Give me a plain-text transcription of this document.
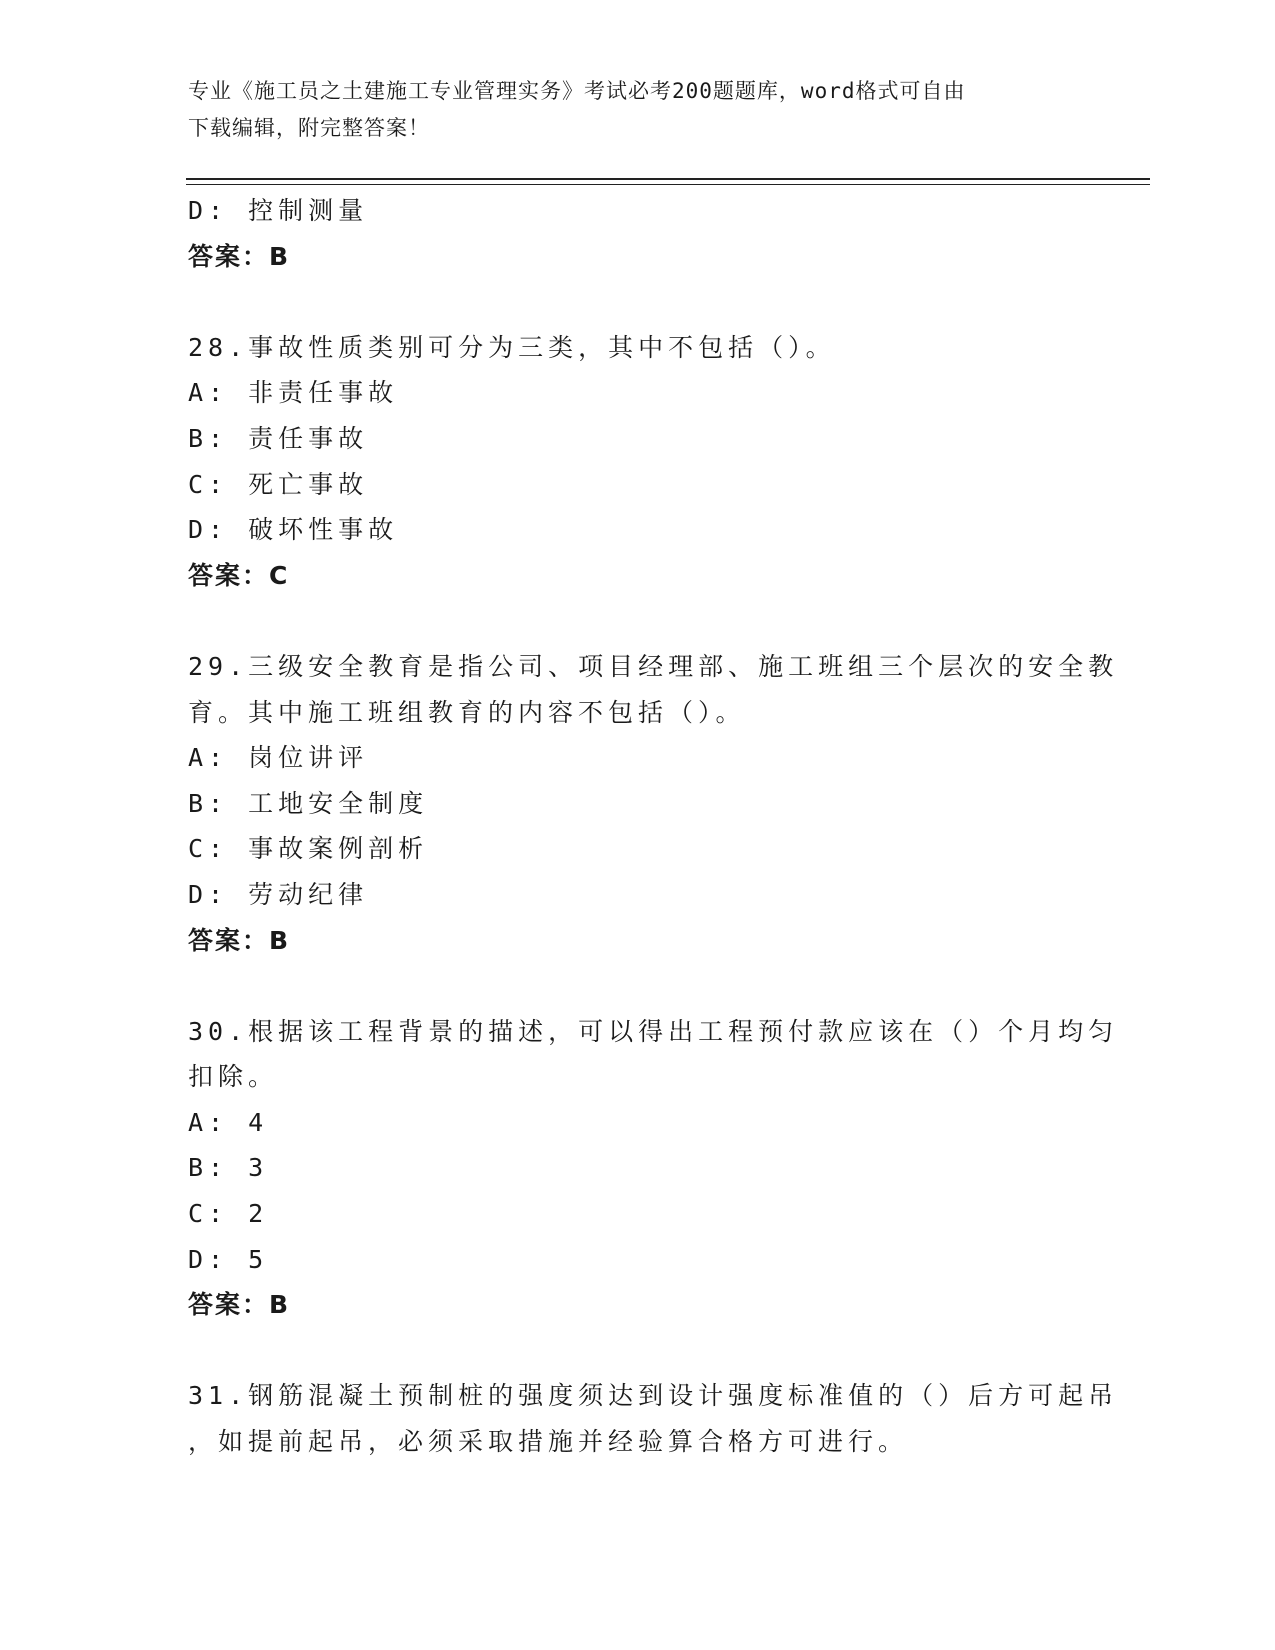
专业《施工员之土建施工专业管理实务》考试必考200题题库，word格式可自由
下载编辑，附完整答案！
D: 控制测量
答案：B
28.事故性质类别可分为三类，其中不包括（）。
A: 非责任事故
B: 责任事故
C: 死亡事故
D: 破坏性事故
答案：C
29.三级安全教育是指公司、项目经理部、施工班组三个层次的安全教
育。其中施工班组教育的内容不包括（）。
A: 岗位讲评
B: 工地安全制度
C: 事故案例剖析
D: 劳动纪律
答案：B
30.根据该工程背景的描述，可以得出工程预付款应该在（）个月均匀
扣除。
A: 4
B: 3
C: 2
D: 5
答案：B
31.钢筋混凝土预制桩的强度须达到设计强度标准值的（）后方可起吊
，如提前起吊，必须采取措施并经验算合格方可进行。
